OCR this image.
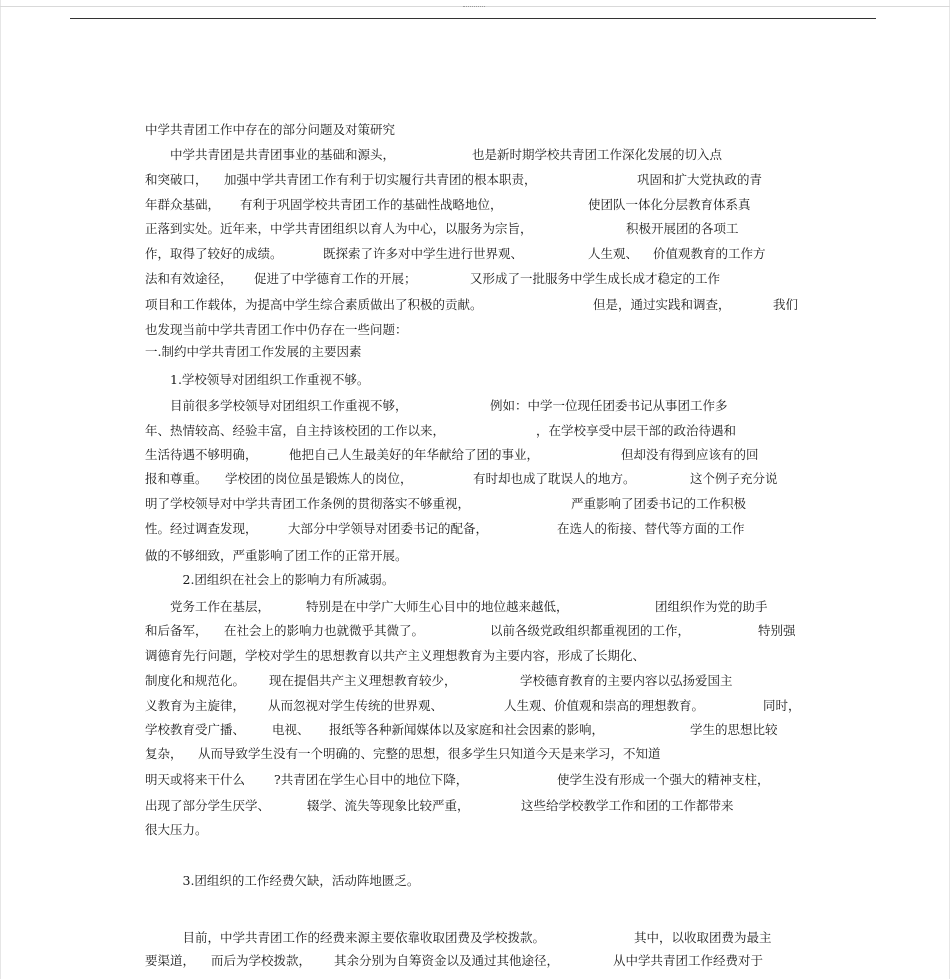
中学共青团工作中存在的部分问题及对策研究
　　中学共青团是共青团事业的基础和源头，	也是新时期学校共青团工作深化发展的切入点
和突破口， 加强中学共青团工作有利于切实履行共青团的根本职责，	巩固和扩大党执政的青
年群众基础， 有利于巩固学校共青团工作的基础性战略地位，	使团队一体化分层教育体系真
正落到实处。近年来，中学共青团组织以育人为中心，以服务为宗旨，	积极开展团的各项工
作，取得了较好的成绩。	既探索了许多对中学生进行世界观、	人生观、 价值观教育的工作方
法和有效途径， 促进了中学德育工作的开展；	又形成了一批服务中学生成长成才稳定的工作
项目和工作载体，为提高中学生综合素质做出了积极的贡献。	但是，通过实践和调查，	我们
也发现当前中学共青团工作中仍存在一些问题：
一.制约中学共青团工作发展的主要因素
　　1.学校领导对团组织工作重视不够。
　　目前很多学校领导对团组织工作重视不够，	例如：中学一位现任团委书记从事团工作多
年、热情较高、经验丰富，自主持该校团的工作以来，	，在学校享受中层干部的政治待遇和
生活待遇不够明确，	他把自己人生最美好的年华献给了团的事业，	但却没有得到应该有的回
报和尊重。 学校团的岗位虽是锻炼人的岗位，	有时却也成了耽误人的地方。	这个例子充分说
明了学校领导对中学共青团工作条例的贯彻落实不够重视，	严重影响了团委书记的工作积极
性。经过调查发现， 大部分中学领导对团委书记的配备，	在选人的衔接、替代等方面的工作
做的不够细致，严重影响了团工作的正常开展。
　　　2.团组织在社会上的影响力有所减弱。
　　党务工作在基层，	特别是在中学广大师生心目中的地位越来越低，	团组织作为党的助手
和后备军， 在社会上的影响力也就微乎其微了。	以前各级党政组织都重视团的工作，	特别强
调德育先行问题，学校对学生的思想教育以共产主义理想教育为主要内容，形成了长期化、
制度化和规范化。 现在提倡共产主义理想教育较少，	学校德育教育的主要内容以弘扬爱国主
义教育为主旋律， 从而忽视对学生传统的世界观、	人生观、价值观和崇高的理想教育。	同时，
学校教育受广播、 电视、 报纸等各种新闻媒体以及家庭和社会因素的影响，	学生的思想比较
复杂， 从而导致学生没有一个明确的、完整的思想，很多学生只知道今天是来学习，不知道
明天或将来干什么 ?共青团在学生心目中的地位下降，	使学生没有形成一个强大的精神支柱，
出现了部分学生厌学、	辍学、流失等现象比较严重，	这些给学校教学工作和团的工作都带来
很大压力。
　　　3.团组织的工作经费欠缺，活动阵地匮乏。
　　　目前，中学共青团工作的经费来源主要依靠收取团费及学校拨款。	其中，以收取团费为最主
要渠道， 而后为学校拨款， 其余分别为自筹资金以及通过其他途径，	从中学共青团工作经费对于
